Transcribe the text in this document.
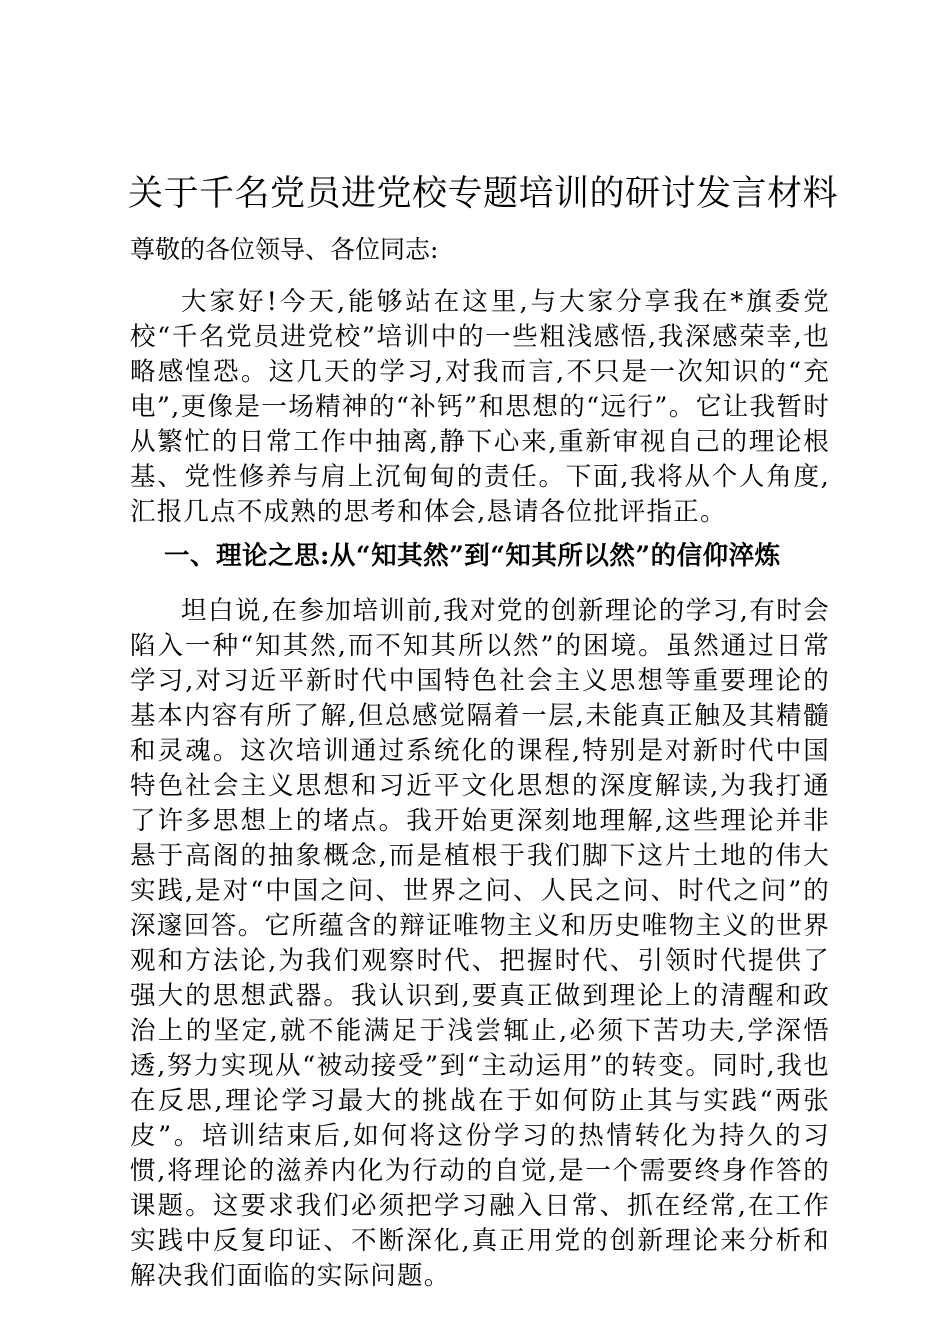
关于千名党员进党校专题培训的研讨发言材料

尊敬的各位领导、各位同志:

大家好!今天,能够站在这里,与大家分享我在*旗委党校“千名党员进党校”培训中的一些粗浅感悟,我深感荣幸,也略感惶恐。这几天的学习,对我而言,不只是一次知识的“充电”,更像是一场精神的“补钙”和思想的“远行”。它让我暂时从繁忙的日常工作中抽离,静下心来,重新审视自己的理论根基、党性修养与肩上沉甸甸的责任。下面,我将从个人角度,汇报几点不成熟的思考和体会,恳请各位批评指正。

一、理论之思:从“知其然”到“知其所以然”的信仰淬炼

坦白说,在参加培训前,我对党的创新理论的学习,有时会陷入一种“知其然,而不知其所以然”的困境。虽然通过日常学习,对习近平新时代中国特色社会主义思想等重要理论的基本内容有所了解,但总感觉隔着一层,未能真正触及其精髓和灵魂。这次培训通过系统化的课程,特别是对新时代中国特色社会主义思想和习近平文化思想的深度解读,为我打通了许多思想上的堵点。我开始更深刻地理解,这些理论并非悬于高阁的抽象概念,而是植根于我们脚下这片土地的伟大实践,是对“中国之问、世界之问、人民之问、时代之问”的深邃回答。它所蕴含的辩证唯物主义和历史唯物主义的世界观和方法论,为我们观察时代、把握时代、引领时代提供了强大的思想武器。我认识到,要真正做到理论上的清醒和政治上的坚定,就不能满足于浅尝辄止,必须下苦功夫,学深悟透,努力实现从“被动接受”到“主动运用”的转变。同时,我也在反思,理论学习最大的挑战在于如何防止其与实践“两张皮”。培训结束后,如何将这份学习的热情转化为持久的习惯,将理论的滋养内化为行动的自觉,是一个需要终身作答的课题。这要求我们必须把学习融入日常、抓在经常,在工作实践中反复印证、不断深化,真正用党的创新理论来分析和解决我们面临的实际问题。
